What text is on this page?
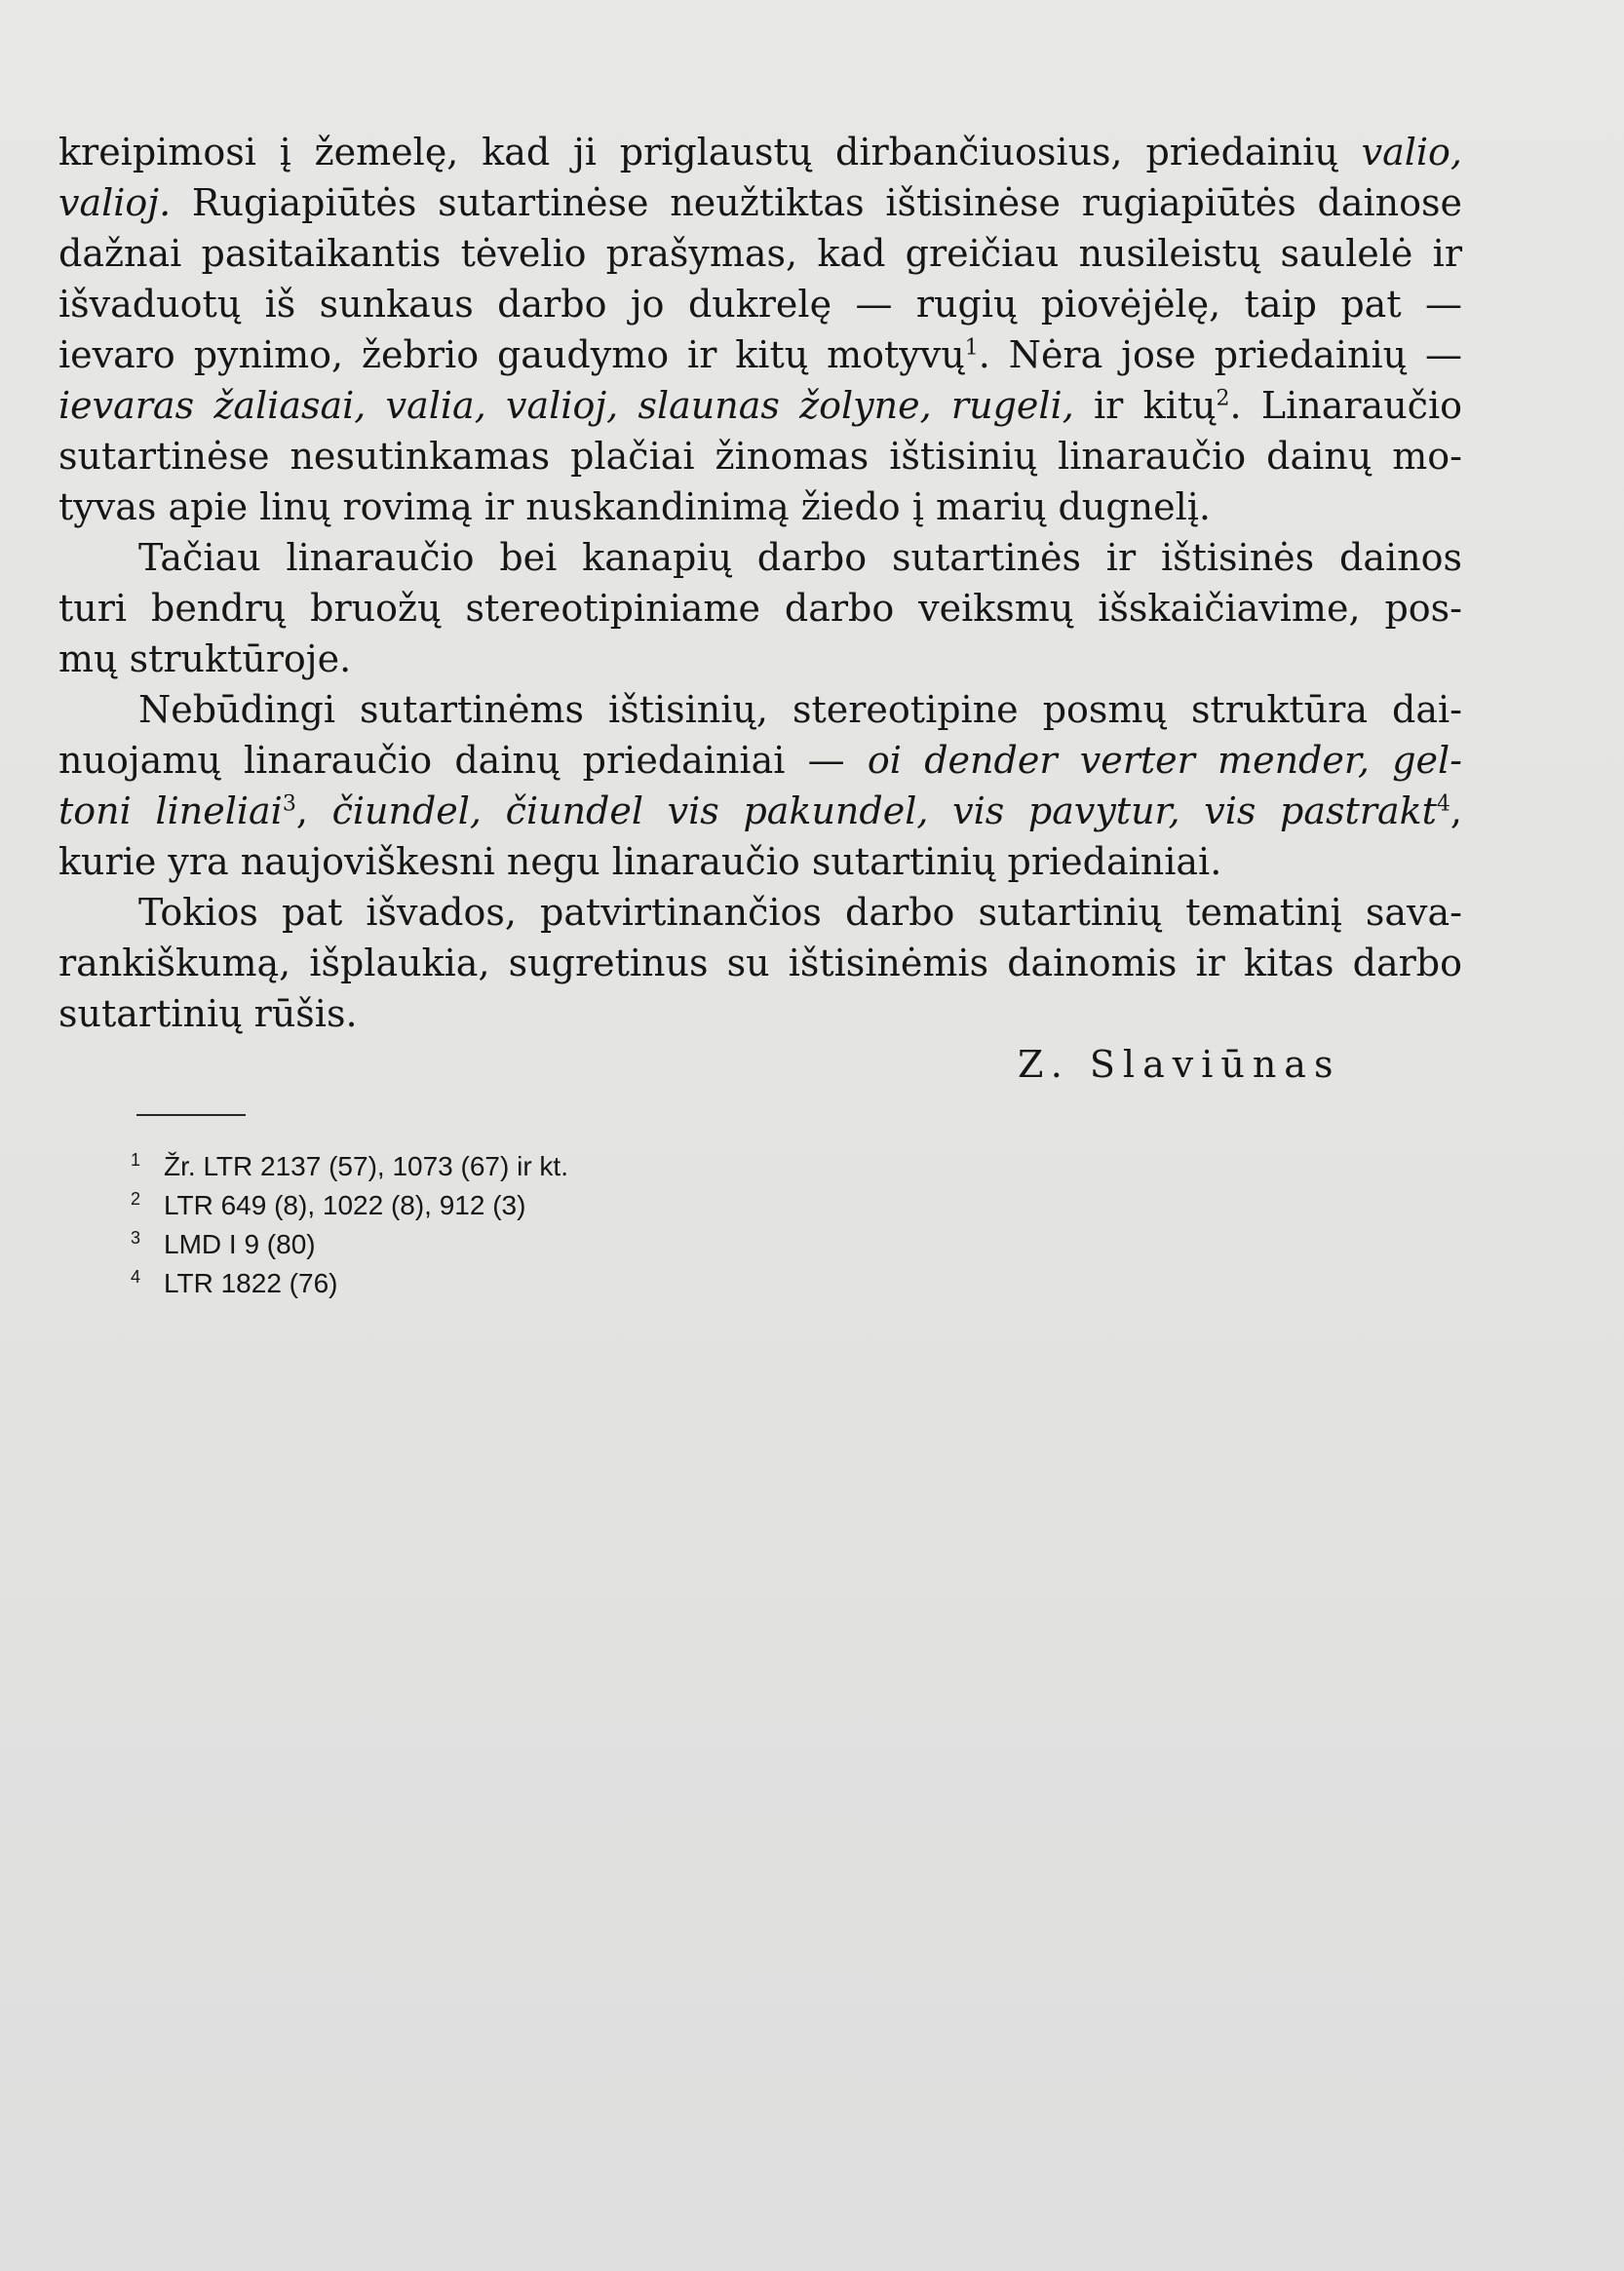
kreipimosi į žemelę, kad ji priglaustų dirbančiuosius, priedainių valio,
valioj. Rugiapiūtės sutartinėse neužtiktas ištisinėse rugiapiūtės dainose
dažnai pasitaikantis tėvelio prašymas, kad greičiau nusileistų saulelė ir
išvaduotų iš sunkaus darbo jo dukrelę — rugių piovėjėlę, taip pat —
ievaro pynimo, žebrio gaudymo ir kitų motyvų$^1$. Nėra jose priedainių —
ievaras žaliasai, valia, valioj, slaunas žolyne, rugeli, ir kitų$^2$. Linaraučio
sutartinėse nesutinkamas plačiai žinomas ištisinių linaraučio dainų mo-
tyvas apie linų rovimą ir nuskandinimą žiedo į marių dugnelį.
Tačiau linaraučio bei kanapių darbo sutartinės ir ištisinės dainos
turi bendrų bruožų stereotipiniame darbo veiksmų išskaičiavime, pos-
mų struktūroje.
Nebūdingi sutartinėms ištisinių, stereotipine posmų struktūra dai-
nuojamų linaraučio dainų priedainiai — oi dender verter mender, gel-
toni lineliai$^3$, čiundel, čiundel vis pakundel, vis pavytur, vis pastrakt$^4$,
kurie yra naujoviškesni negu linaraučio sutartinių priedainiai.
Tokios pat išvados, patvirtinančios darbo sutartinių tematinį sava-
rankiškumą, išplaukia, sugretinus su ištisinėmis dainomis ir kitas darbo
sutartinių rūšis.
Z. Slaviūnas
1 Žr. LTR 2137 (57), 1073 (67) ir kt.
2 LTR 649 (8), 1022 (8), 912 (3)
3 LMD I 9 (80)
4 LTR 1822 (76)
